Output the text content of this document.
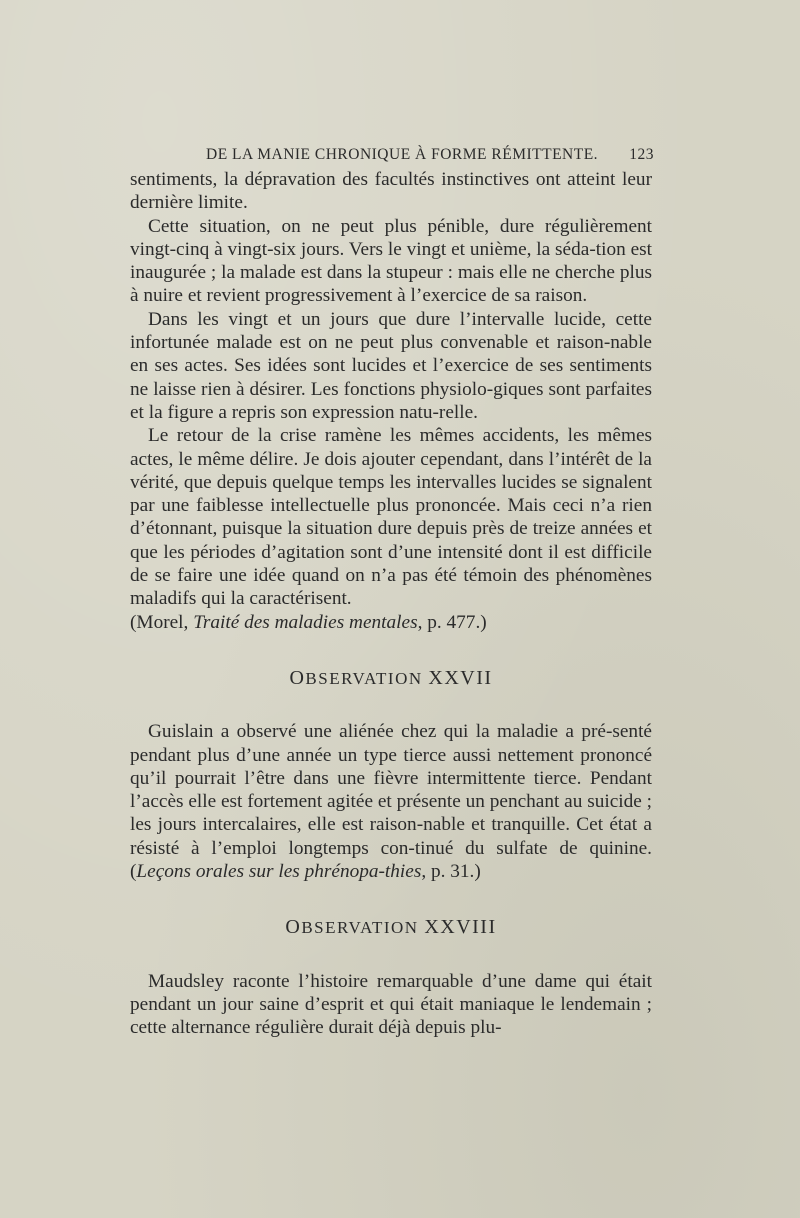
DE LA MANIE CHRONIQUE À FORME RÉMITTENTE. 123

sentiments, la dépravation des facultés instinctives ont atteint leur dernière limite.

Cette situation, on ne peut plus pénible, dure régulièrement vingt-cinq à vingt-six jours. Vers le vingt et unième, la séda-tion est inaugurée ; la malade est dans la stupeur : mais elle ne cherche plus à nuire et revient progressivement à l’exercice de sa raison.

Dans les vingt et un jours que dure l’intervalle lucide, cette infortunée malade est on ne peut plus convenable et raison-nable en ses actes. Ses idées sont lucides et l’exercice de ses sentiments ne laisse rien à désirer. Les fonctions physiolo-giques sont parfaites et la figure a repris son expression natu-relle.

Le retour de la crise ramène les mêmes accidents, les mêmes actes, le même délire. Je dois ajouter cependant, dans l’intérêt de la vérité, que depuis quelque temps les intervalles lucides se signalent par une faiblesse intellectuelle plus prononcée. Mais ceci n’a rien d’étonnant, puisque la situation dure depuis près de treize années et que les périodes d’agitation sont d’une intensité dont il est difficile de se faire une idée quand on n’a pas été témoin des phénomènes maladifs qui la caractérisent.
(Morel, Traité des maladies mentales, p. 477.)

OBSERVATION XXVII

Guislain a observé une aliénée chez qui la maladie a pré-senté pendant plus d’une année un type tierce aussi nettement prononcé qu’il pourrait l’être dans une fièvre intermittente tierce. Pendant l’accès elle est fortement agitée et présente un penchant au suicide ; les jours intercalaires, elle est raison-nable et tranquille. Cet état a résisté à l’emploi longtemps con-tinué du sulfate de quinine. (Leçons orales sur les phrénopa-thies, p. 31.)

OBSERVATION XXVIII

Maudsley raconte l’histoire remarquable d’une dame qui était pendant un jour saine d’esprit et qui était maniaque le lendemain ; cette alternance régulière durait déjà depuis plu-
